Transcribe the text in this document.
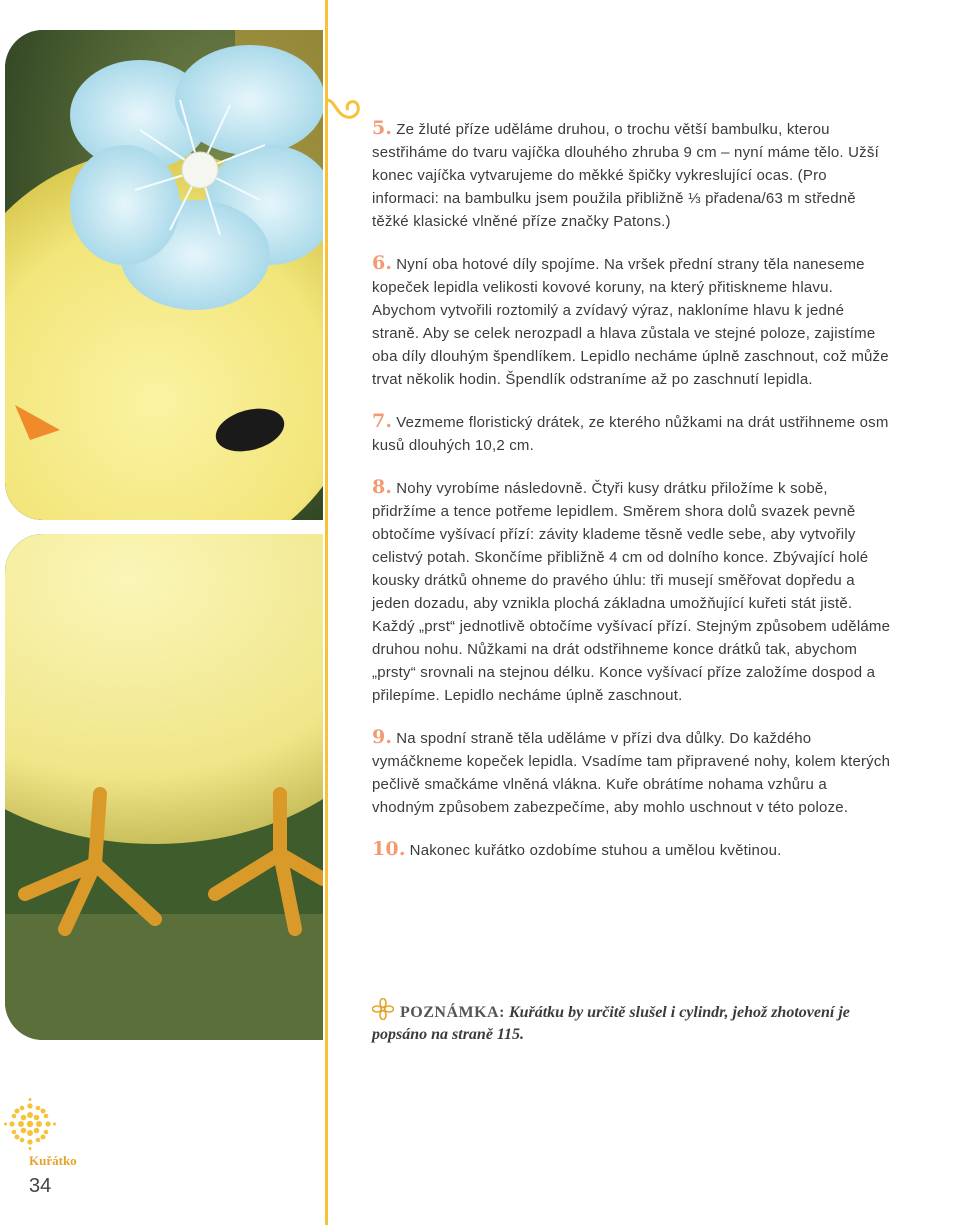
5. Ze žluté příze uděláme druhou, o trochu větší bambulku, kterou sestřiháme do tvaru vajíčka dlouhého zhruba 9 cm – nyní máme tělo. Užší konec vajíčka vytvarujeme do měkké špičky vykreslující ocas. (Pro informaci: na bambulku jsem použila přibližně ⅓ přadena/63 m středně těžké klasické vlněné příze značky Patons.)

6. Nyní oba hotové díly spojíme. Na vršek přední strany těla naneseme kopeček lepidla velikosti kovové koruny, na který přitiskneme hlavu. Abychom vytvořili roztomilý a zvídavý výraz, nakloníme hlavu k jedné straně. Aby se celek nerozpadl a hlava zůstala ve stejné poloze, zajistíme oba díly dlouhým špendlíkem. Lepidlo necháme úplně zaschnout, což může trvat několik hodin. Špendlík odstraníme až po zaschnutí lepidla.

7. Vezmeme floristický drátek, ze kterého nůžkami na drát ustřihneme osm kusů dlouhých 10,2 cm.

8. Nohy vyrobíme následovně. Čtyři kusy drátku přiložíme k sobě, přidržíme a tence potřeme lepidlem. Směrem shora dolů svazek pevně obtočíme vyšívací přízí: závity klademe těsně vedle sebe, aby vytvořily celistvý potah. Skončíme přibližně 4 cm od dolního konce. Zbývající holé kousky drátků ohneme do pravého úhlu: tři musejí směřovat dopředu a jeden dozadu, aby vznikla plochá základna umožňující kuřeti stát jistě. Každý „prst“ jednotlivě obtočíme vyšívací přízí. Stejným způsobem uděláme druhou nohu. Nůžkami na drát odstřihneme konce drátků tak, abychom „prsty“ srovnali na stejnou délku. Konce vyšívací příze založíme dospod a přilepíme. Lepidlo necháme úplně zaschnout.

9. Na spodní straně těla uděláme v přízi dva důlky. Do každého vymáčkneme kopeček lepidla. Vsadíme tam připravené nohy, kolem kterých pečlivě smačkáme vlněná vlákna. Kuře obrátíme nohama vzhůru a vhodným způsobem zabezpečíme, aby mohlo uschnout v této poloze.

10. Nakonec kuřátko ozdobíme stuhou a umělou květinou.

POZNÁMKA: Kuřátku by určitě slušel i cylindr, jehož zhotovení je popsáno na straně 115.
Kuřátko
34
